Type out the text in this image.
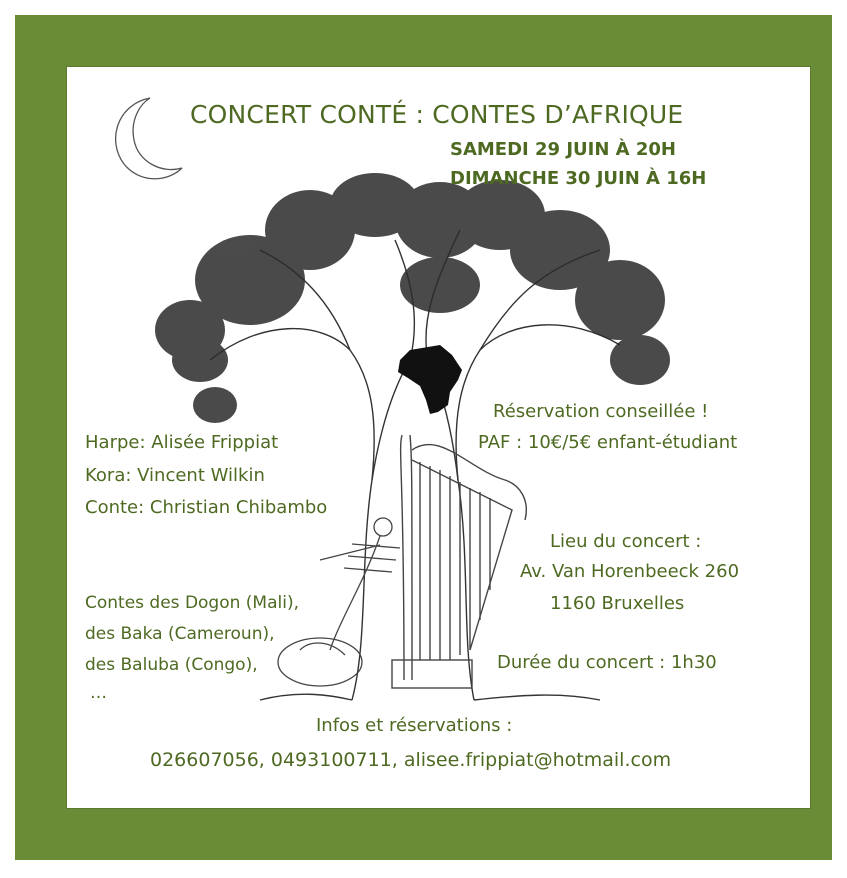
CONCERT CONTÉ : CONTES D’AFRIQUE
SAMEDI 29 JUIN À 20H
DIMANCHE 30 JUIN À 16H
Réservation conseillée !
PAF : 10€/5€ enfant-étudiant
Harpe: Alisée Frippiat
Kora: Vincent Wilkin
Conte: Christian Chibambo
Lieu du concert :
Av. Van Horenbeeck 260
1160 Bruxelles
Contes des Dogon (Mali),
des Baka (Cameroun),
des Baluba (Congo),
…
Durée du concert : 1h30
Infos et réservations :
026607056, 0493100711, alisee.frippiat@hotmail.com
